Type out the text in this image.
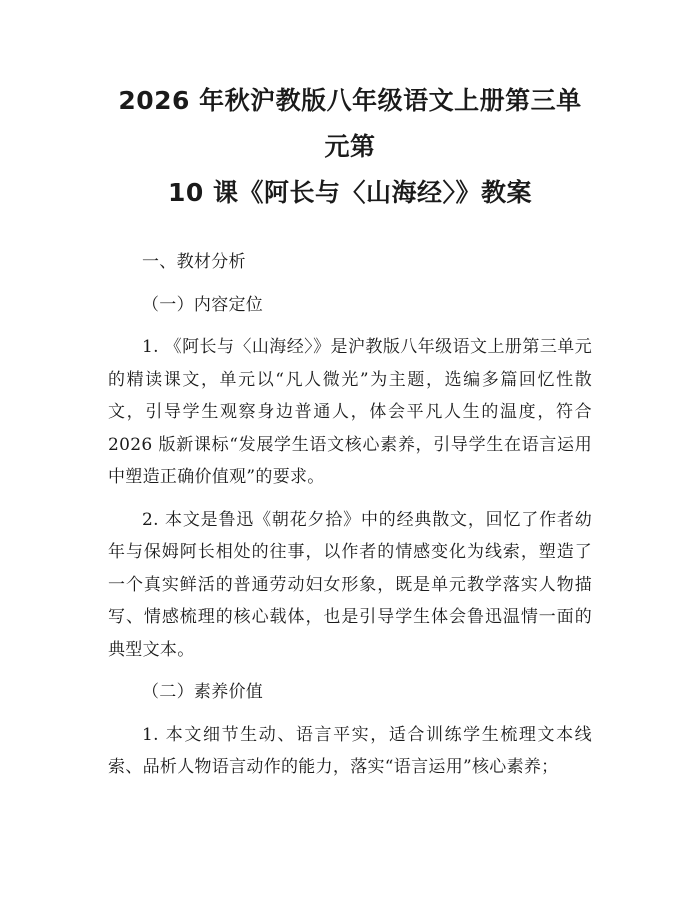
2026 年秋沪教版八年级语文上册第三单元第
10 课《阿长与〈山海经〉》教案

一、教材分析

（一）内容定位

1. 《阿长与〈山海经〉》是沪教版八年级语文上册第三单元的精读课文，单元以“凡人微光”为主题，选编多篇回忆性散文，引导学生观察身边普通人，体会平凡人生的温度，符合 2026 版新课标“发展学生语文核心素养，引导学生在语言运用中塑造正确价值观”的要求。

2. 本文是鲁迅《朝花夕拾》中的经典散文，回忆了作者幼年与保姆阿长相处的往事，以作者的情感变化为线索，塑造了一个真实鲜活的普通劳动妇女形象，既是单元教学落实人物描写、情感梳理的核心载体，也是引导学生体会鲁迅温情一面的典型文本。

（二）素养价值

1. 本文细节生动、语言平实，适合训练学生梳理文本线索、品析人物语言动作的能力，落实“语言运用”核心素养；
